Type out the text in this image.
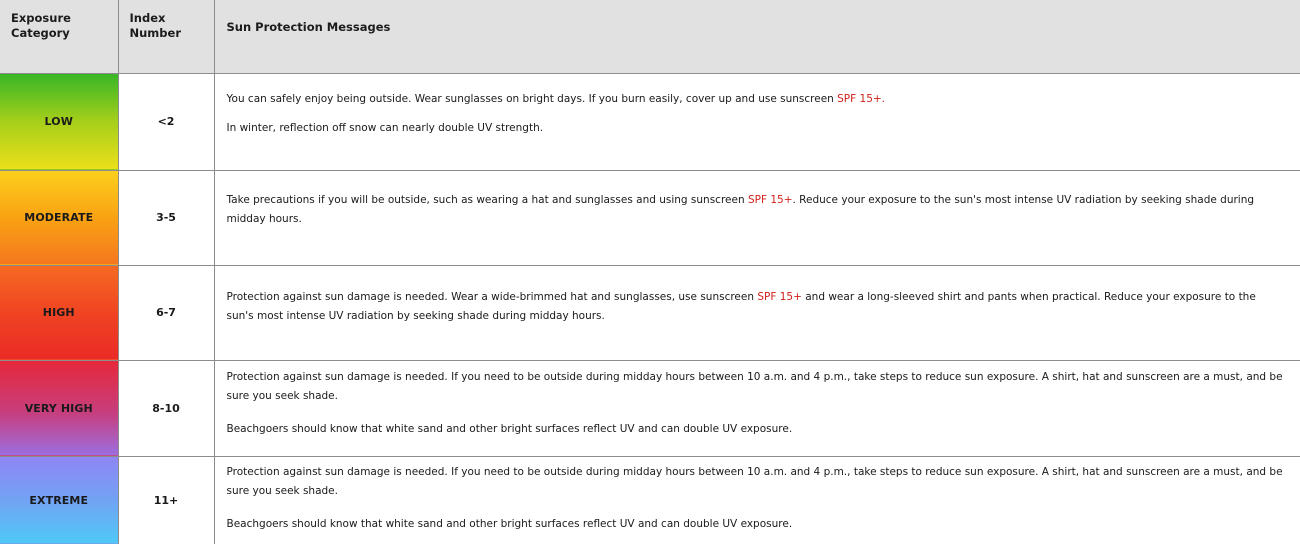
Exposure Category	Index Number	Sun Protection Messages

LOW	<2	You can safely enjoy being outside. Wear sunglasses on bright days. If you burn easily, cover up and use sunscreen SPF 15+.

In winter, reflection off snow can nearly double UV strength.

MODERATE	3-5	Take precautions if you will be outside, such as wearing a hat and sunglasses and using sunscreen SPF 15+. Reduce your exposure to the sun's most intense UV radiation by seeking shade during midday hours.

HIGH	6-7	Protection against sun damage is needed. Wear a wide-brimmed hat and sunglasses, use sunscreen SPF 15+ and wear a long-sleeved shirt and pants when practical. Reduce your exposure to the sun's most intense UV radiation by seeking shade during midday hours.

VERY HIGH	8-10	Protection against sun damage is needed. If you need to be outside during midday hours between 10 a.m. and 4 p.m., take steps to reduce sun exposure. A shirt, hat and sunscreen are a must, and be sure you seek shade.

Beachgoers should know that white sand and other bright surfaces reflect UV and can double UV exposure.

EXTREME	11+	Protection against sun damage is needed. If you need to be outside during midday hours between 10 a.m. and 4 p.m., take steps to reduce sun exposure. A shirt, hat and sunscreen are a must, and be sure you seek shade.

Beachgoers should know that white sand and other bright surfaces reflect UV and can double UV exposure.
